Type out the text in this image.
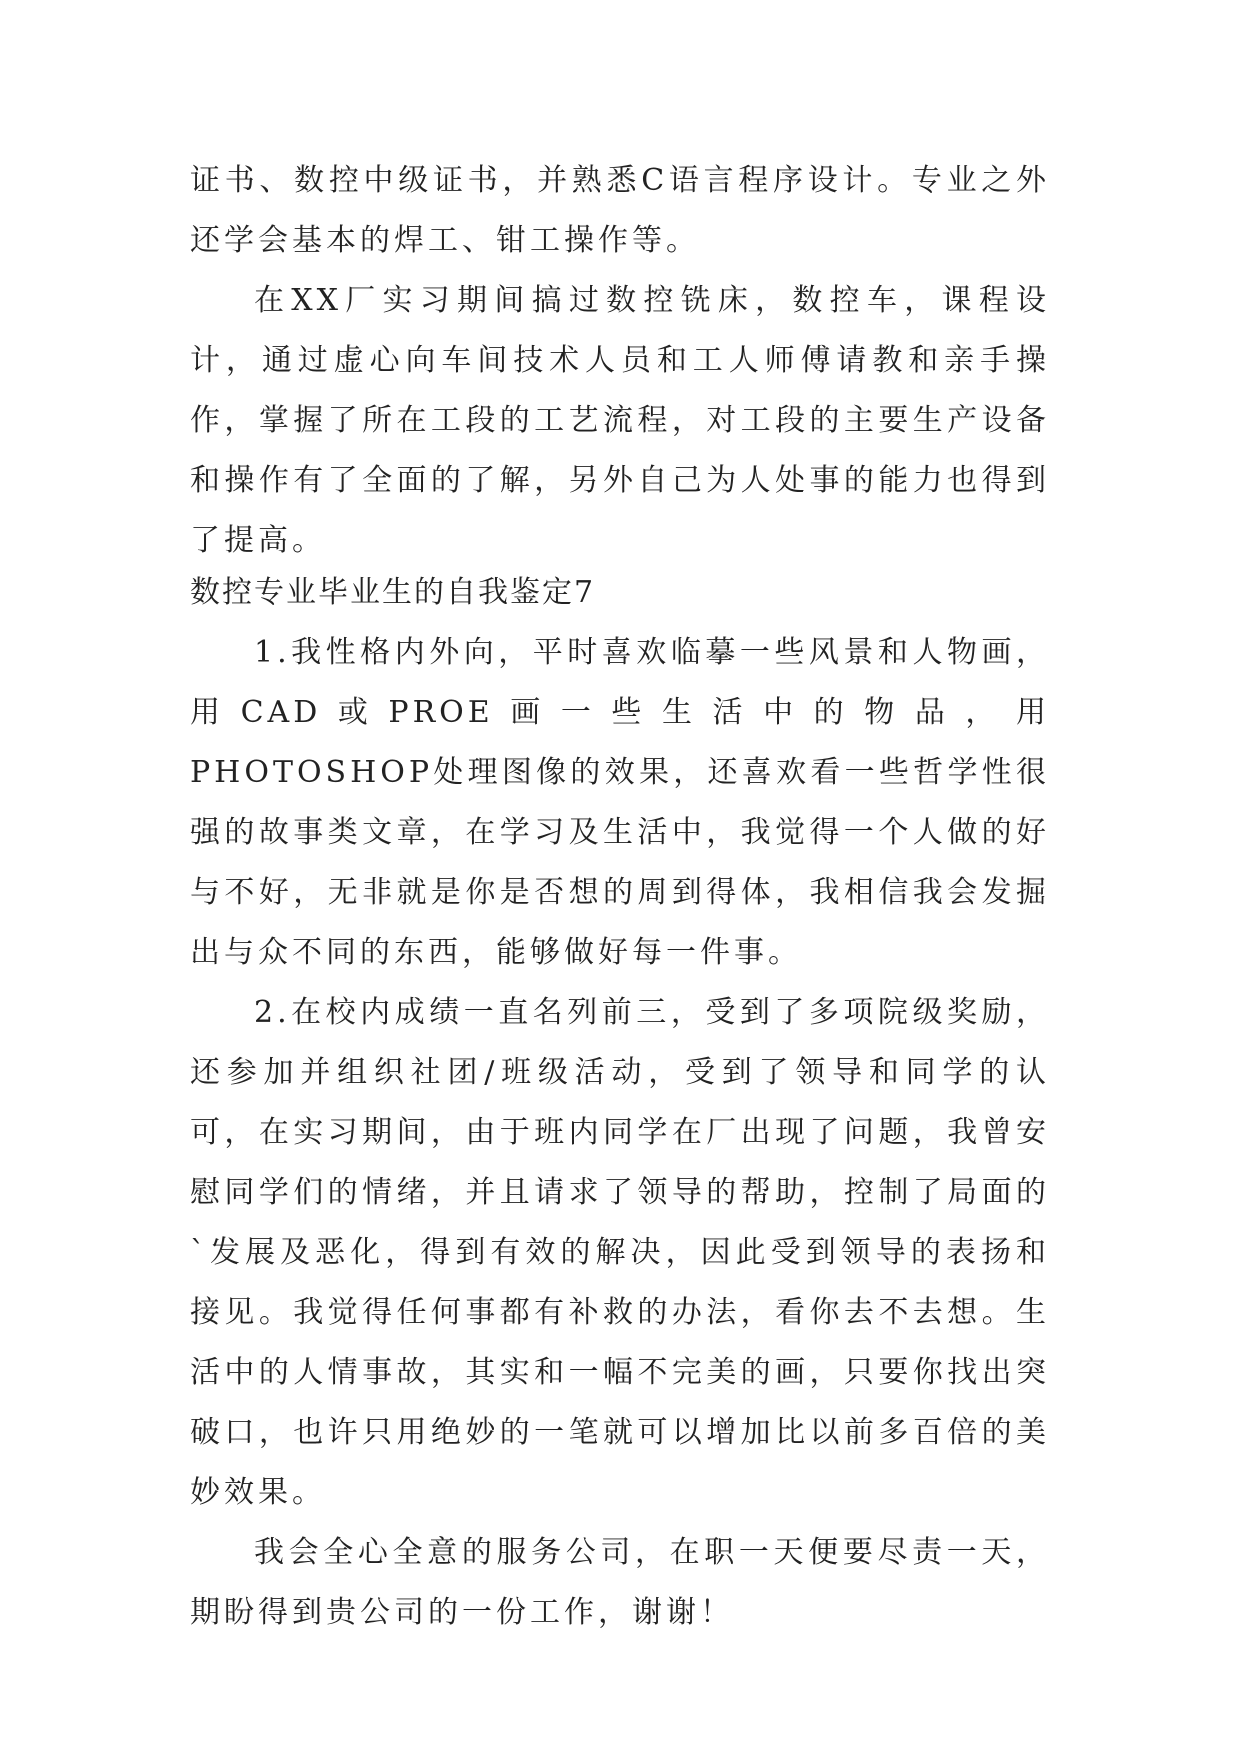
证书、数控中级证书，并熟悉C语言程序设计。专业之外还学会基本的焊工、钳工操作等。

在XX厂实习期间搞过数控铣床，数控车，课程设计，通过虚心向车间技术人员和工人师傅请教和亲手操作，掌握了所在工段的工艺流程，对工段的主要生产设备和操作有了全面的了解，另外自己为人处事的能力也得到了提高。

数控专业毕业生的自我鉴定7

1.我性格内外向，平时喜欢临摹一些风景和人物画，用CAD或PROE画一些生活中的物品，用PHOTOSHOP处理图像的效果，还喜欢看一些哲学性很强的故事类文章，在学习及生活中，我觉得一个人做的好与不好，无非就是你是否想的周到得体，我相信我会发掘出与众不同的东西，能够做好每一件事。

2.在校内成绩一直名列前三，受到了多项院级奖励，还参加并组织社团/班级活动，受到了领导和同学的认可，在实习期间，由于班内同学在厂出现了问题，我曾安慰同学们的情绪，并且请求了领导的帮助，控制了局面的`发展及恶化，得到有效的解决，因此受到领导的表扬和接见。我觉得任何事都有补救的办法，看你去不去想。生活中的人情事故，其实和一幅不完美的画，只要你找出突破口，也许只用绝妙的一笔就可以增加比以前多百倍的美妙效果。

我会全心全意的服务公司，在职一天便要尽责一天，期盼得到贵公司的一份工作，谢谢！
